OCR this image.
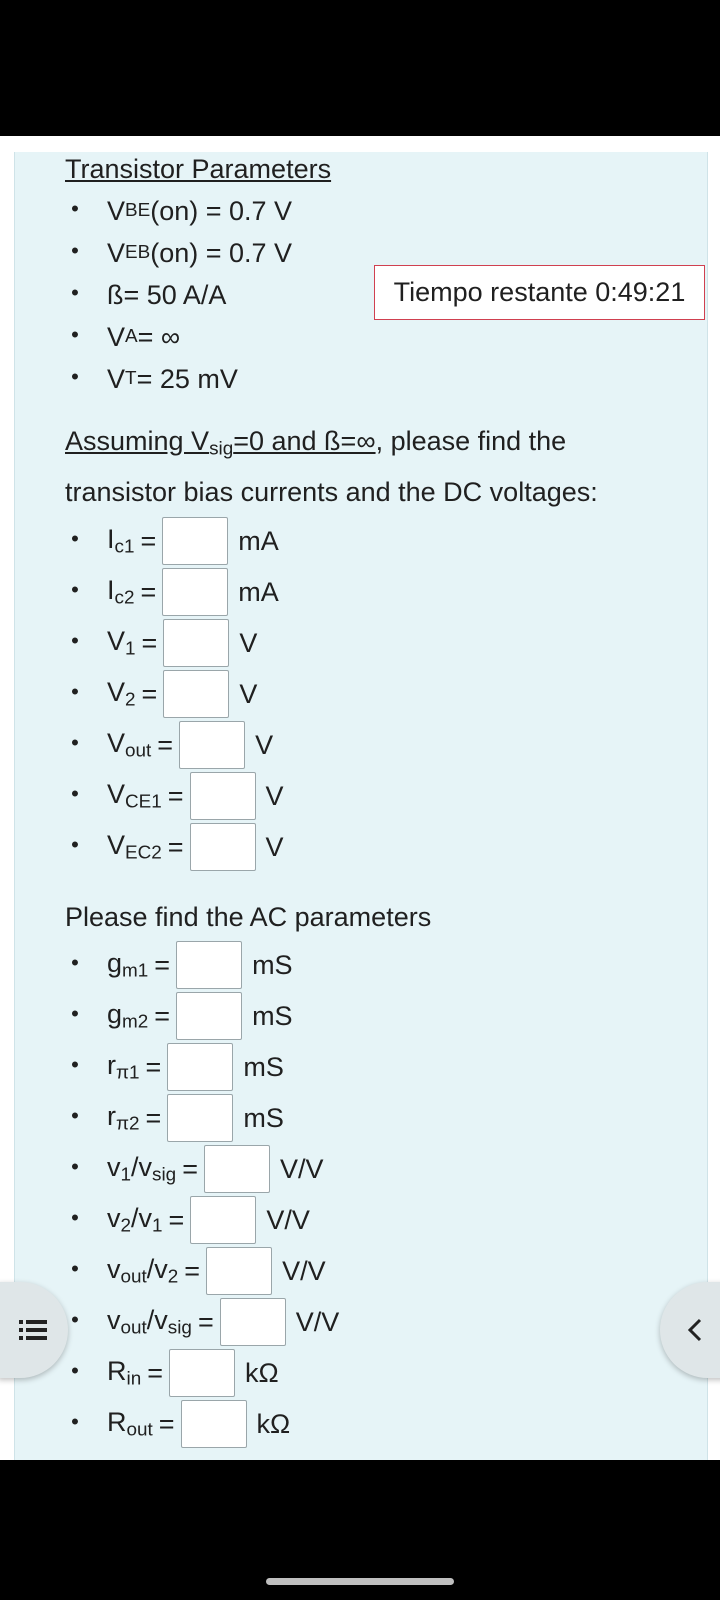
Transistor Parameters
• V BE (on) = 0.7 V
• V EB (on) = 0.7 V
• ß = 50 A/A
• V A = ∞
• V T = 25 mV
Assuming $V_{sig}=0$ and ß=∞, please find the transistor bias currents and the DC voltages:
• $I_{c1}$ =	mA
• $I_{c2}$ =	mA
• $V_1$ =	V
• $V_2$ =	V
• $V_{out}$ =	V
• $V_{CE1}$ =	V
• $V_{EC2}$ =	V
Please find the AC parameters
• $g_{m1}$ =	mS
• $g_{m2}$ =	mS
• $r_{\pi 1}$ =	mS
• $r_{\pi 2}$ =	mS
• $v_1/v_{sig}$ =	V/V
• $v_2/v_1$ =	V/V
• $v_{out}/v_2$ =	V/V
• $v_{out}/v_{sig}$ =	V/V
• $R_{in}$ =	kΩ
• $R_{out}$ =	kΩ
Tiempo restante 0:49:21
